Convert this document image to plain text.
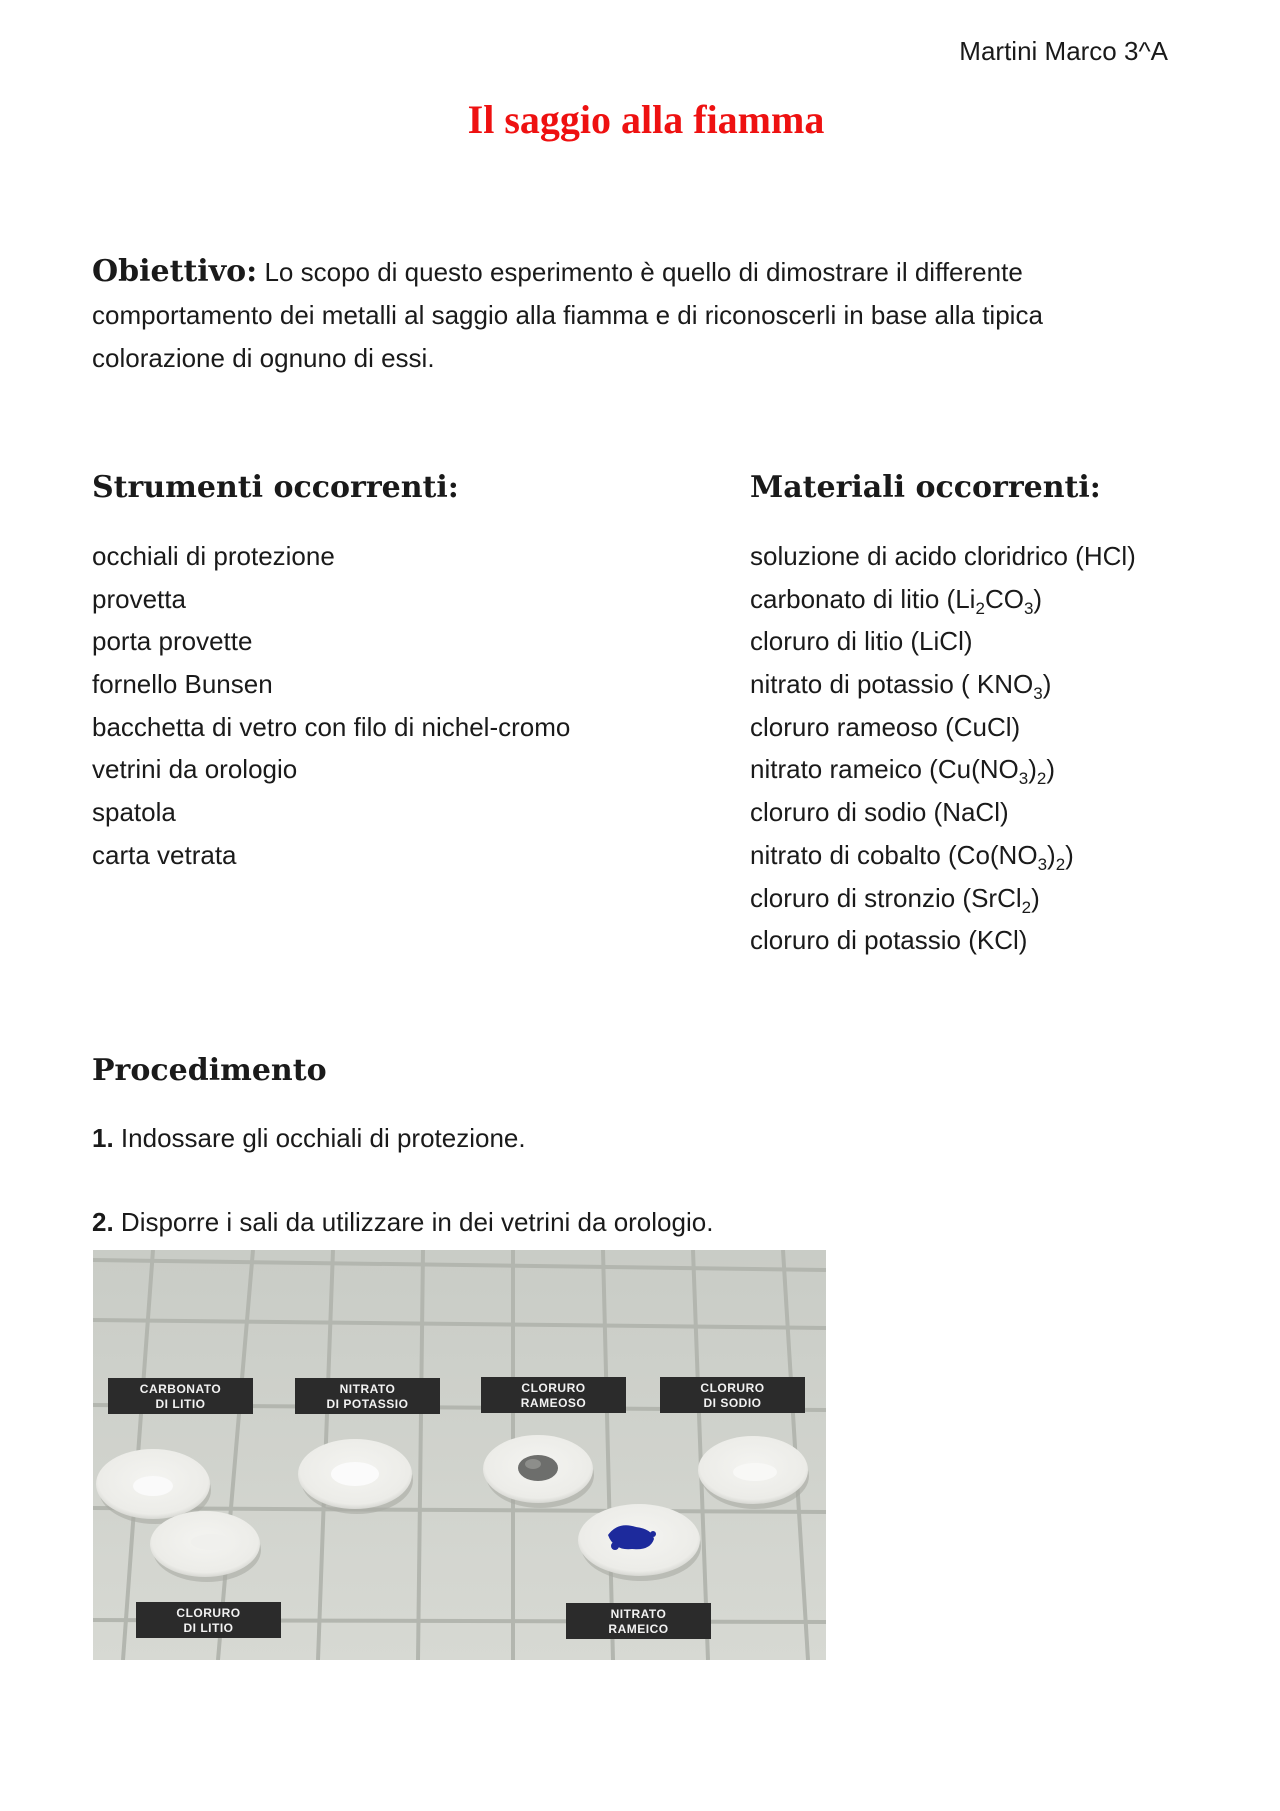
Martini Marco 3^A
Il saggio alla fiamma
Obiettivo: Lo scopo di questo esperimento è quello di dimostrare il differente comportamento dei metalli al saggio alla fiamma e di riconoscerli in base alla tipica colorazione di ognuno di essi.
Strumenti occorrenti:	Materiali occorrenti:
occhiali di protezione
provetta
porta provette
fornello Bunsen
bacchetta di vetro con filo di nichel-cromo
vetrini da orologio
spatola
carta vetrata
soluzione di acido cloridrico (HCl)
carbonato di litio $(Li_2CO_3)$
cloruro di litio (LiCl)
nitrato di potassio ( $KNO_3$)
cloruro rameoso (CuCl)
nitrato rameico $(Cu(NO_3)_2)$
cloruro di sodio (NaCl)
nitrato di cobalto $(Co(NO_3)_2)$
cloruro di stronzio (SrCl$_2$)
cloruro di potassio (KCl)
Procedimento
1. Indossare gli occhiali di protezione.
2. Disporre i sali da utilizzare in dei vetrini da orologio.
CARBONATO
DI LITIO
NITRATO
DI POTASSIO
CLORURO
RAMEOSO
CLORURO
DI SODIO
CLORURO
DI LITIO
NITRATO
RAMEICO
